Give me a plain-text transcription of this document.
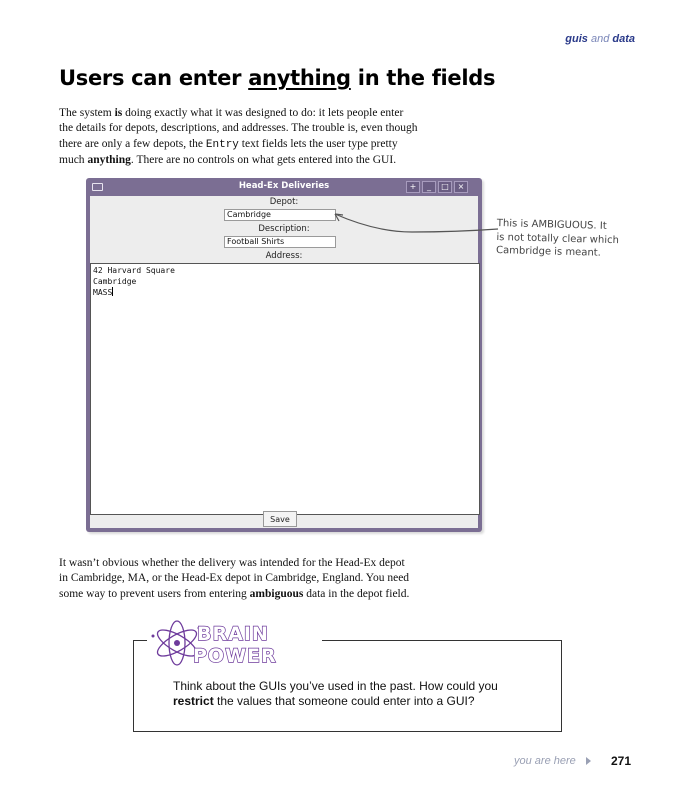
guis and data
Users can enter anything in the fields
The system is doing exactly what it was designed to do: it lets people enter
the details for depots, descriptions, and addresses. The trouble is, even though
there are only a few depots, the Entry text fields lets the user type pretty
much anything. There are no controls on what gets entered into the GUI.
Head-Ex Deliveries	+	_	□	×
Depot:
Cambridge
Description:
Football Shirts
Address:
42 Harvard Square
Cambridge
MASS
Save
This is AMBIGUOUS. It
is not totally clear which
Cambridge is meant.
It wasn’t obvious whether the delivery was intended for the Head-Ex depot
in Cambridge, MA, or the Head-Ex depot in Cambridge, England. You need
some way to prevent users from entering ambiguous data in the depot field.
BRAIN
POWER
Think about the GUIs you’ve used in the past. How could you
restrict the values that someone could enter into a GUI?
you are here	271
